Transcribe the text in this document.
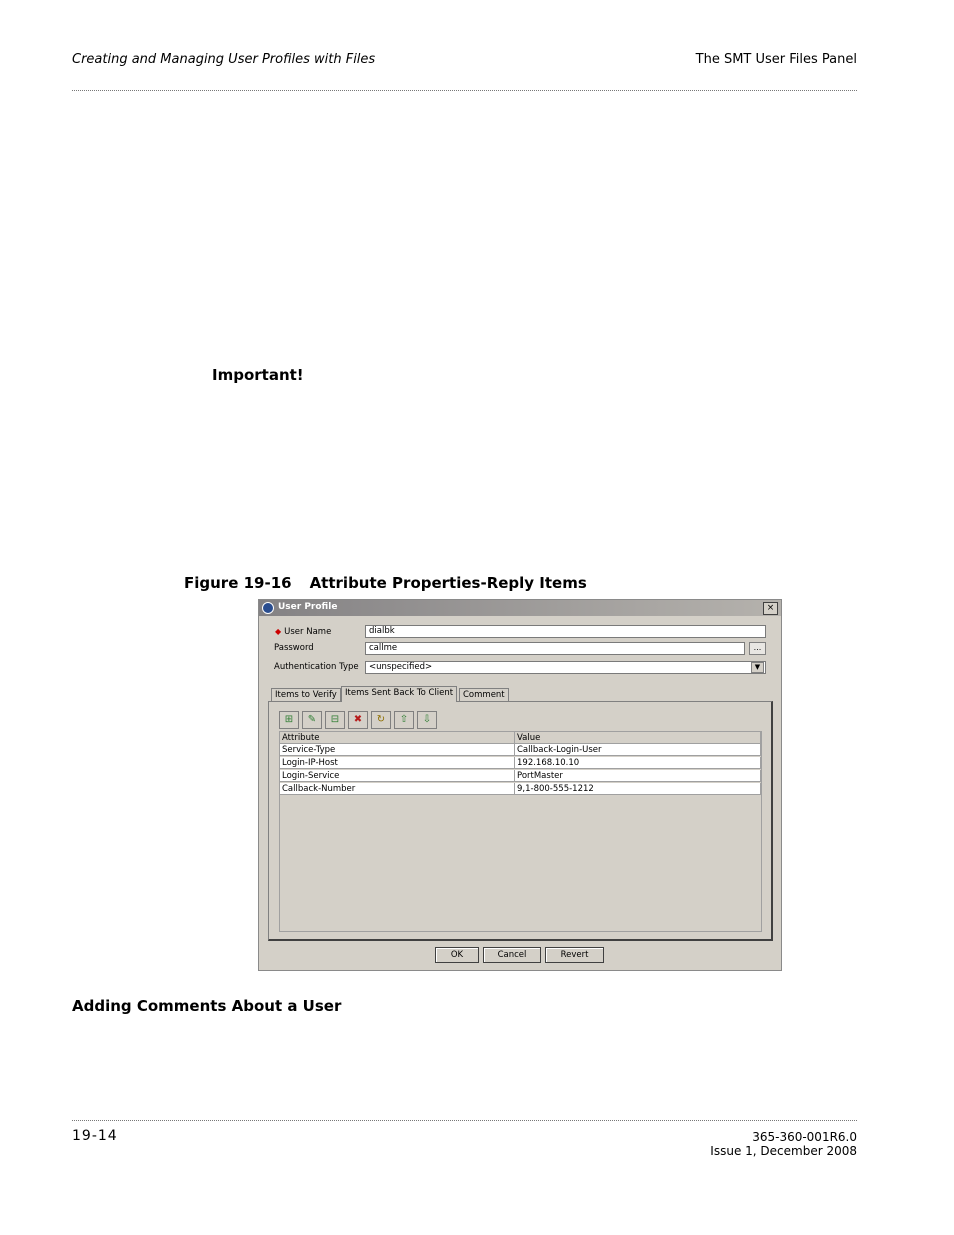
Creating and Managing User Profiles with Files	The SMT User Files Panel
Important!
Figure 19-16 Attribute Properties-Reply Items
User Profile	×
◆ User Name	dialbk
Password	callme	...
Authentication Type	<unspecified>	▼
Items to Verify Items Sent Back To Client	Comment
⊞	✎	⊟	✖	↻	⇧	⇩
Attribute	Value
Service-Type	Callback-Login-User
Login-IP-Host	192.168.10.10
Login-Service	PortMaster
Callback-Number	9,1-800-555-1212
OK	Cancel	Revert
Adding Comments About a User
19-14	365-360-001R6.0
Issue 1, December 2008
